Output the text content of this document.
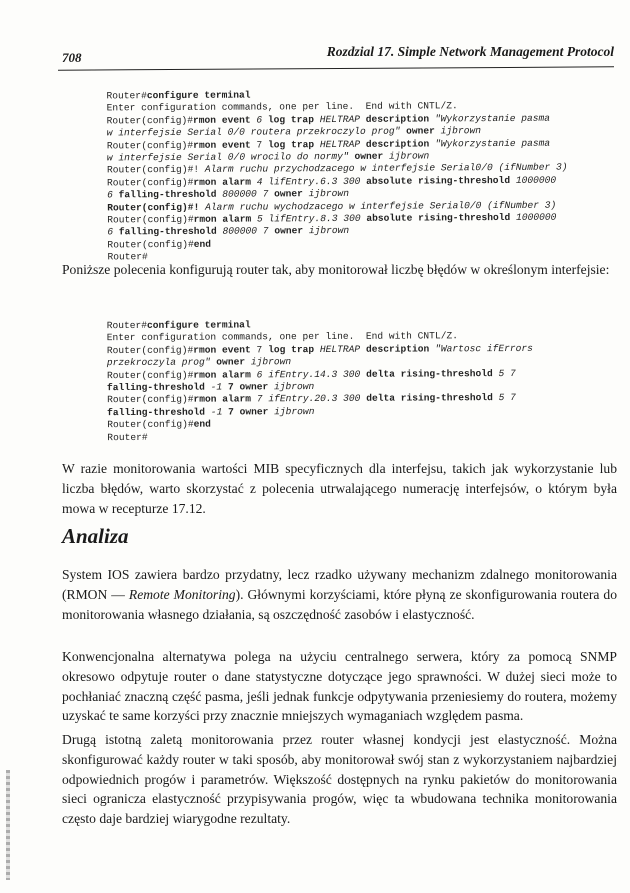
708	Rozdzial 17. Simple Network Management Protocol
Router#configure terminal
Enter configuration commands, one per line.  End with CNTL/Z.
Router(config)#rmon event 6 log trap HELTRAP description "Wykorzystanie pasma
w interfejsie Serial 0/0 routera przekroczylo prog" owner ijbrown
Router(config)#rmon event 7 log trap HELTRAP description "Wykorzystanie pasma
w interfejsie Serial 0/0 wrocilo do normy" owner ijbrown
Router(config)#! Alarm ruchu przychodzacego w interfejsie Serial0/0 (ifNumber 3)
Router(config)#rmon alarm 4 lifEntry.6.3 300 absolute rising-threshold 1000000
6 falling-threshold 800000 7 owner ijbrown
Router(config)#! Alarm ruchu wychodzacego w interfejsie Serial0/0 (ifNumber 3)
Router(config)#rmon alarm 5 lifEntry.8.3 300 absolute rising-threshold 1000000
6 falling-threshold 800000 7 owner ijbrown
Router(config)#end
Router#
Poniższe polecenia konfigurują router tak, aby monitorował liczbę błędów w określonym interfejsie:
Router#configure terminal
Enter configuration commands, one per line.  End with CNTL/Z.
Router(config)#rmon event 7 log trap HELTRAP description "Wartosc ifErrors
przekroczyla prog" owner ijbrown
Router(config)#rmon alarm 6 ifEntry.14.3 300 delta rising-threshold 5 7
falling-threshold -1 7 owner ijbrown
Router(config)#rmon alarm 7 ifEntry.20.3 300 delta rising-threshold 5 7
falling-threshold -1 7 owner ijbrown
Router(config)#end
Router#
W razie monitorowania wartości MIB specyficznych dla interfejsu, takich jak wykorzystanie lub liczba błędów, warto skorzystać z polecenia utrwalającego numerację interfejsów, o którym była mowa w recepturze 17.12.
Analiza
System IOS zawiera bardzo przydatny, lecz rzadko używany mechanizm zdalnego monitorowania (RMON — Remote Monitoring). Głównymi korzyściami, które płyną ze skonfigurowania routera do monitorowania własnego działania, są oszczędność zasobów i elastyczność.
Konwencjonalna alternatywa polega na użyciu centralnego serwera, który za pomocą SNMP okresowo odpytuje router o dane statystyczne dotyczące jego sprawności. W dużej sieci może to pochłaniać znaczną część pasma, jeśli jednak funkcje odpytywania przeniesiemy do routera, możemy uzyskać te same korzyści przy znacznie mniejszych wymaganiach względem pasma.
Drugą istotną zaletą monitorowania przez router własnej kondycji jest elastyczność. Można skonfigurować każdy router w taki sposób, aby monitorował swój stan z wykorzystaniem najbardziej odpowiednich progów i parametrów. Większość dostępnych na rynku pakietów do monitorowania sieci ogranicza elastyczność przypisywania progów, więc ta wbudowana technika monitorowania często daje bardziej wiarygodne rezultaty.
